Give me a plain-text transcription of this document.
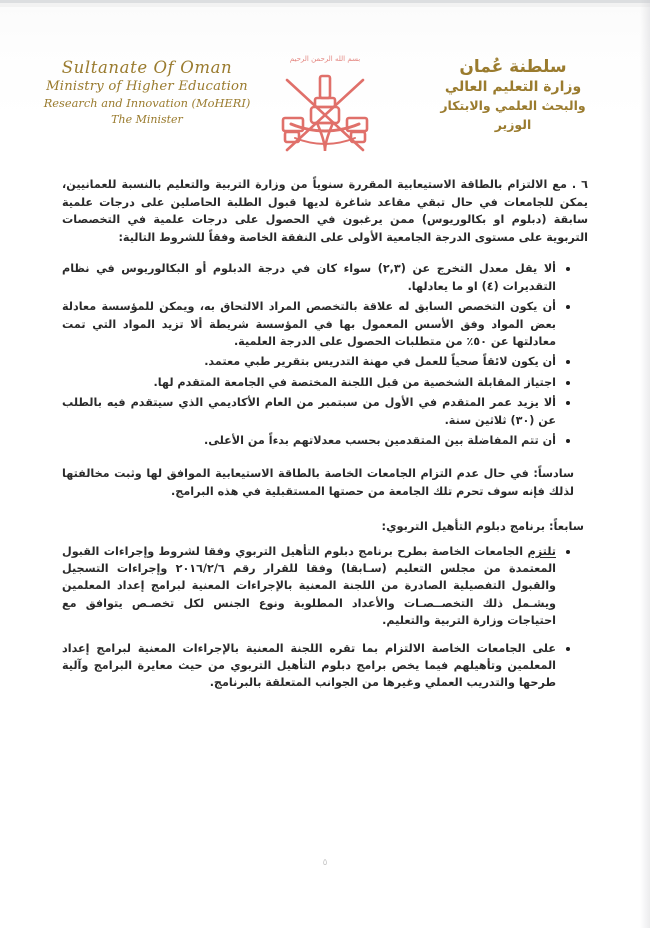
Sultanate Of Oman
Ministry of Higher Education
Research and Innovation (MoHERI)
The Minister
بسم الله الرحمن الرحيم	سلطنة عُمان
وزارة التعليم العالي
والبحث العلمي والابتكار
الوزير

٦ . مع الالتزام بالطاقة الاستيعابية المقررة سنوياً من وزارة التربية والتعليم بالنسبة للعمانيين، يمكن للجامعات في حال تبقي مقاعد شاغرة لديها قبول الطلبة الحاصلين على درجات علمية سابقة (دبلوم او بكالوريوس) ممن يرغبون في الحصول على درجات علمية في التخصصات التربوية على مستوى الدرجة الجامعية الأولى على النفقة الخاصة وفقاً للشروط التالية:

ألا يقل معدل التخرج عن (٢,٣) سواء كان في درجة الدبلوم أو البكالوريوس في نظام التقديرات (٤) او ما يعادلها.
أن يكون التخصص السابق له علاقة بالتخصص المراد الالتحاق به، ويمكن للمؤسسة معادلة بعض المواد وفق الأسس المعمول بها في المؤسسة شريطة ألا تزيد المواد التي تمت معادلتها عن ٥٠٪ من متطلبات الحصول على الدرجة العلمية.
أن يكون لائقاً صحياً للعمل في مهنة التدريس بتقرير طبي معتمد.
اجتياز المقابلة الشخصية من قبل اللجنة المختصة في الجامعة المتقدم لها.
ألا يزيد عمر المتقدم في الأول من سبتمبر من العام الأكاديمي الذي سيتقدم فيه بالطلب عن (٣٠) ثلاثين سنة.
أن تتم المفاضلة بين المتقدمين بحسب معدلاتهم بدءاً من الأعلى.

سادساً: في حال عدم التزام الجامعات الخاصة بالطاقة الاستيعابية الموافق لها وثبت مخالفتها لذلك فإنه سوف تحرم تلك الجامعة من حصتها المستقبلية في هذه البرامج.

سابعاً: برنامج دبلوم التأهيل التربوي:
تلتزم الجامعات الخاصة بطرح برنامج دبلوم التأهيل التربوي وفقا لشروط وإجراءات القبول المعتمدة من مجلس التعليم (سـابقا) وفقا للقرار رقم ٢٠١٦/٢/٦ وإجراءات التسجيل والقبول التفصيلية الصادرة من اللجنة المعنية بالإجراءات المعنية لبرامج إعداد المعلمين ويشـمل ذلك التخصــصـات والأعداد المطلوبة ونوع الجنس لكل تخصـص يتوافق مع احتياجات وزارة التربية والتعليم.
على الجامعات الخاصة الالتزام بما تقره اللجنة المعنية بالإجراءات المعنية لبرامج إعداد المعلمين وتأهيلهم فيما يخص برامج دبلوم التأهيل التربوي من حيث معايرة البرامج وآلية طرحها والتدريب العملي وغيرها من الجوانب المتعلقة بالبرنامج.
٥
